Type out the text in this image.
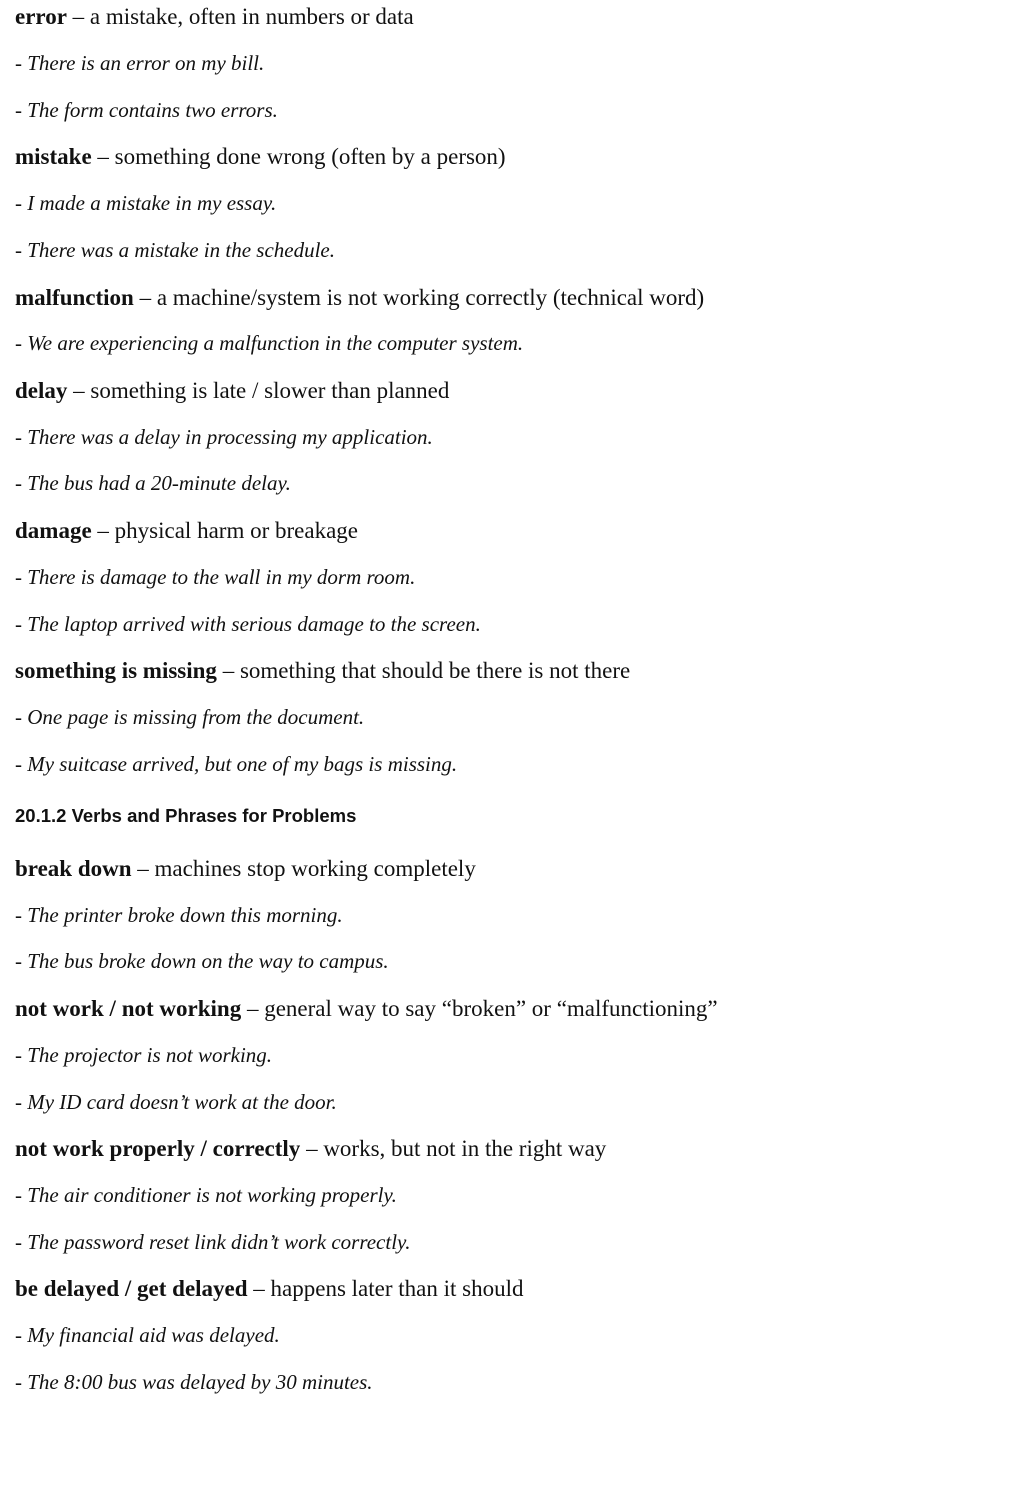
error – a mistake, often in numbers or data
- There is an error on my bill.
- The form contains two errors.
mistake – something done wrong (often by a person)
- I made a mistake in my essay.
- There was a mistake in the schedule.
malfunction – a machine/system is not working correctly (technical word)
- We are experiencing a malfunction in the computer system.
delay – something is late / slower than planned
- There was a delay in processing my application.
- The bus had a 20-minute delay.
damage – physical harm or breakage
- There is damage to the wall in my dorm room.
- The laptop arrived with serious damage to the screen.
something is missing – something that should be there is not there
- One page is missing from the document.
- My suitcase arrived, but one of my bags is missing.
20.1.2 Verbs and Phrases for Problems
break down – machines stop working completely
- The printer broke down this morning.
- The bus broke down on the way to campus.
not work / not working – general way to say “broken” or “malfunctioning”
- The projector is not working.
- My ID card doesn’t work at the door.
not work properly / correctly – works, but not in the right way
- The air conditioner is not working properly.
- The password reset link didn’t work correctly.
be delayed / get delayed – happens later than it should
- My financial aid was delayed.
- The 8:00 bus was delayed by 30 minutes.
